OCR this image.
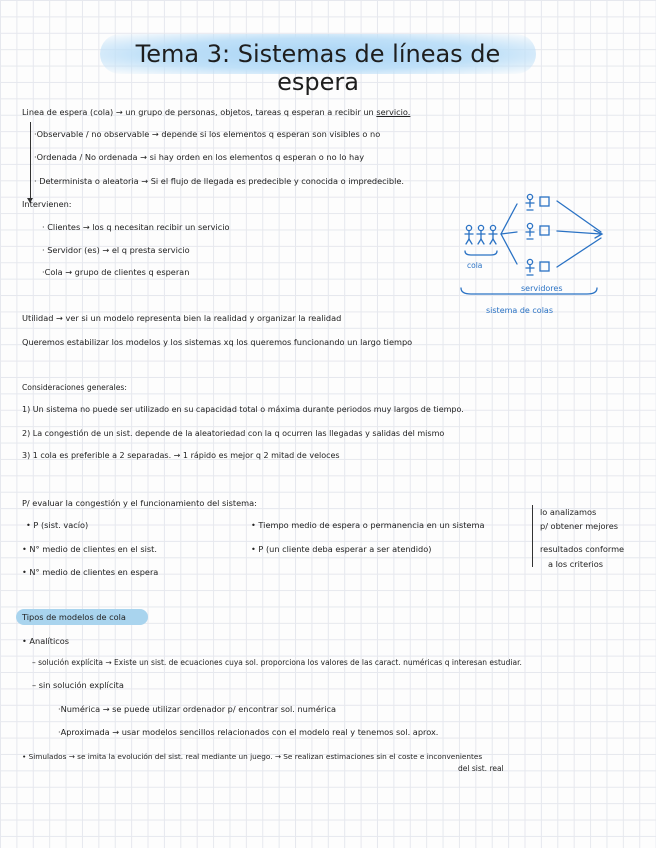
Tema 3: Sistemas de líneas de espera
Linea de espera (cola) → un grupo de personas, objetos, tareas q esperan a recibir un servicio.
·Observable / no observable → depende si los elementos q esperan son visibles o no
·Ordenada / No ordenada → si hay orden en los elementos q esperan o no lo hay
· Determinista o aleatoria → Si el flujo de llegada es predecible y conocida o impredecible.
Intervienen:
· Clientes → los q necesitan recibir un servicio
· Servidor (es) → el q presta servicio
·Cola → grupo de clientes q esperan
cola
servidores
sistema de colas
Utilidad → ver si un modelo representa bien la realidad y organizar la realidad
Queremos estabilizar los modelos y los sistemas xq los queremos funcionando un largo tiempo
Consideraciones generales:
1) Un sistema no puede ser utilizado en su capacidad total o máxima durante periodos muy largos de tiempo.
2) La congestión de un sist. depende de la aleatoriedad con la q ocurren las llegadas y salidas del mismo
3) 1 cola es preferible a 2 separadas. → 1 rápido es mejor q 2 mitad de veloces
P/ evaluar la congestión y el funcionamiento del sistema:
• P (sist. vacío)
• N° medio de clientes en el sist.
• N° medio de clientes en espera
• Tiempo medio de espera o permanencia en un sistema
• P (un cliente deba esperar a ser atendido)
lo analizamos
p/ obtener mejores
resultados conforme
a los criterios
Tipos de modelos de cola
• Analíticos
– solución explícita → Existe un sist. de ecuaciones cuya sol. proporciona los valores de las caract. numéricas q interesan estudiar.
– sin solución explícita
·Numérica → se puede utilizar ordenador p/ encontrar sol. numérica
·Aproximada → usar modelos sencillos relacionados con el modelo real y tenemos sol. aprox.
• Simulados → se imita la evolución del sist. real mediante un juego. → Se realizan estimaciones sin el coste e inconvenientes
del sist. real
